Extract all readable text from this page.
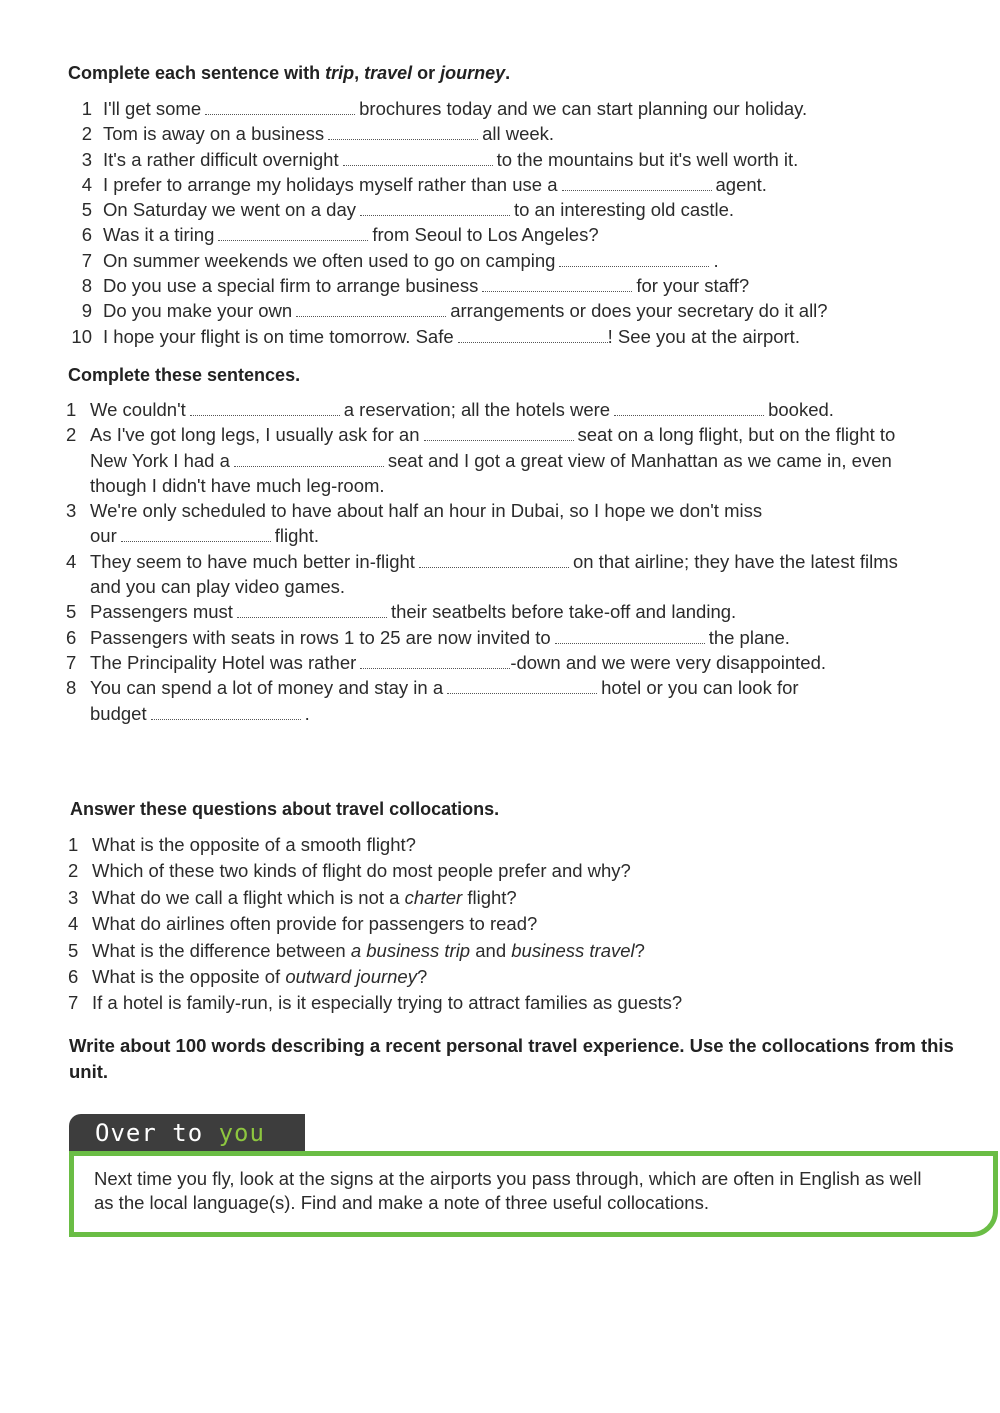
Complete each sentence with trip, travel or journey.
1 I'll get some	brochures today and we can start planning our holiday.
2 Tom is away on a business	all week.
3 It's a rather difficult overnight	to the mountains but it's well worth it.
4 I prefer to arrange my holidays myself rather than use a	agent.
5 On Saturday we went on a day	to an interesting old castle.
6 Was it a tiring	from Seoul to Los Angeles?
7 On summer weekends we often used to go on camping	.
8 Do you use a special firm to arrange business	for your staff?
9 Do you make your own	arrangements or does your secretary do it all?
10 I hope your flight is on time tomorrow. Safe	! See you at the airport.
Complete these sentences.
1 We couldn't	a reservation; all the hotels were	booked.
2 As I've got long legs, I usually ask for an	seat on a long flight, but on the flight to
New York I had a	seat and I got a great view of Manhattan as we came in, even
though I didn't have much leg-room.
3 We're only scheduled to have about half an hour in Dubai, so I hope we don't miss
our	flight.
4 They seem to have much better in-flight	on that airline; they have the latest films
and you can play video games.
5 Passengers must	their seatbelts before take-off and landing.
6 Passengers with seats in rows 1 to 25 are now invited to	the plane.
7 The Principality Hotel was rather	-down and we were very disappointed.
8 You can spend a lot of money and stay in a	hotel or you can look for
budget	.
Answer these questions about travel collocations.
1 What is the opposite of a smooth flight?
2 Which of these two kinds of flight do most people prefer and why?
3 What do we call a flight which is not a charter flight?
4 What do airlines often provide for passengers to read?
5 What is the difference between a business trip and business travel?
6 What is the opposite of outward journey?
7 If a hotel is family-run, is it especially trying to attract families as guests?
Write about 100 words describing a recent personal travel experience. Use the collocations from this unit.
Over to you
Next time you fly, look at the signs at the airports you pass through, which are often in English as well as the local language(s). Find and make a note of three useful collocations.
